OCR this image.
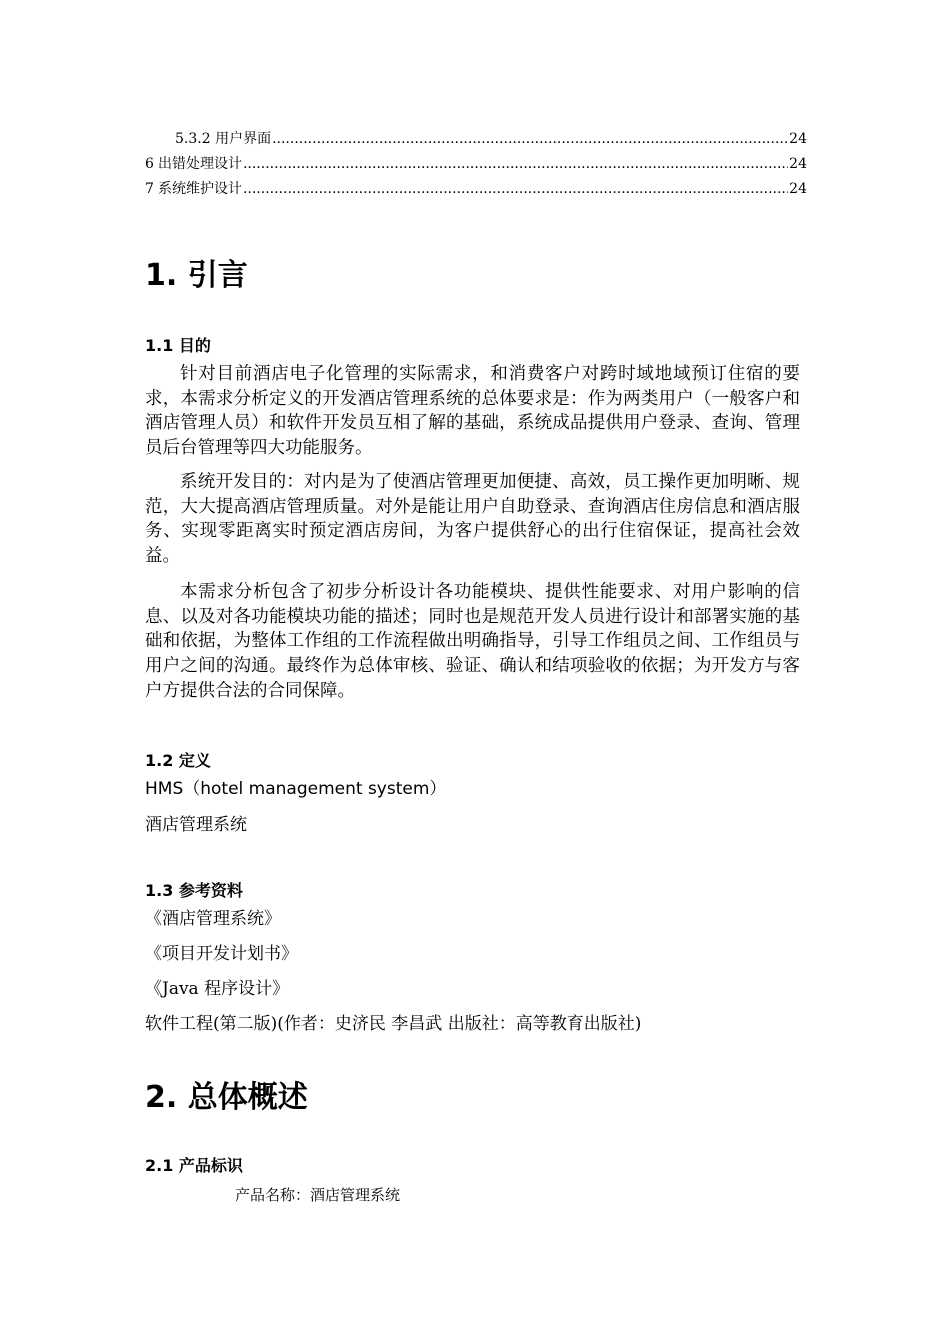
5.3.2 用户界面 .....	24
6 出错处理设计 .....	24
7 系统维护设计 .....	24
1. 引言
1.1 目的
针对目前酒店电子化管理的实际需求，和消费客户对跨时域地域预订住宿的要求，本需求分析定义的开发酒店管理系统的总体要求是：作为两类用户（一般客户和酒店管理人员）和软件开发员互相了解的基础，系统成品提供用户登录、查询、管理员后台管理等四大功能服务。
系统开发目的：对内是为了使酒店管理更加便捷、高效，员工操作更加明晰、规范，大大提高酒店管理质量。对外是能让用户自助登录、查询酒店住房信息和酒店服务、实现零距离实时预定酒店房间，为客户提供舒心的出行住宿保证，提高社会效益。
本需求分析包含了初步分析设计各功能模块、提供性能要求、对用户影响的信息、以及对各功能模块功能的描述；同时也是规范开发人员进行设计和部署实施的基础和依据，为整体工作组的工作流程做出明确指导，引导工作组员之间、工作组员与用户之间的沟通。最终作为总体审核、验证、确认和结项验收的依据；为开发方与客户方提供合法的合同保障。
1.2 定义
HMS（hotel management system）
酒店管理系统
1.3 参考资料
《酒店管理系统》
《项目开发计划书》
《Java 程序设计》
软件工程(第二版)(作者：史济民 李昌武 出版社：高等教育出版社)
2. 总体概述
2.1 产品标识
产品名称：酒店管理系统
